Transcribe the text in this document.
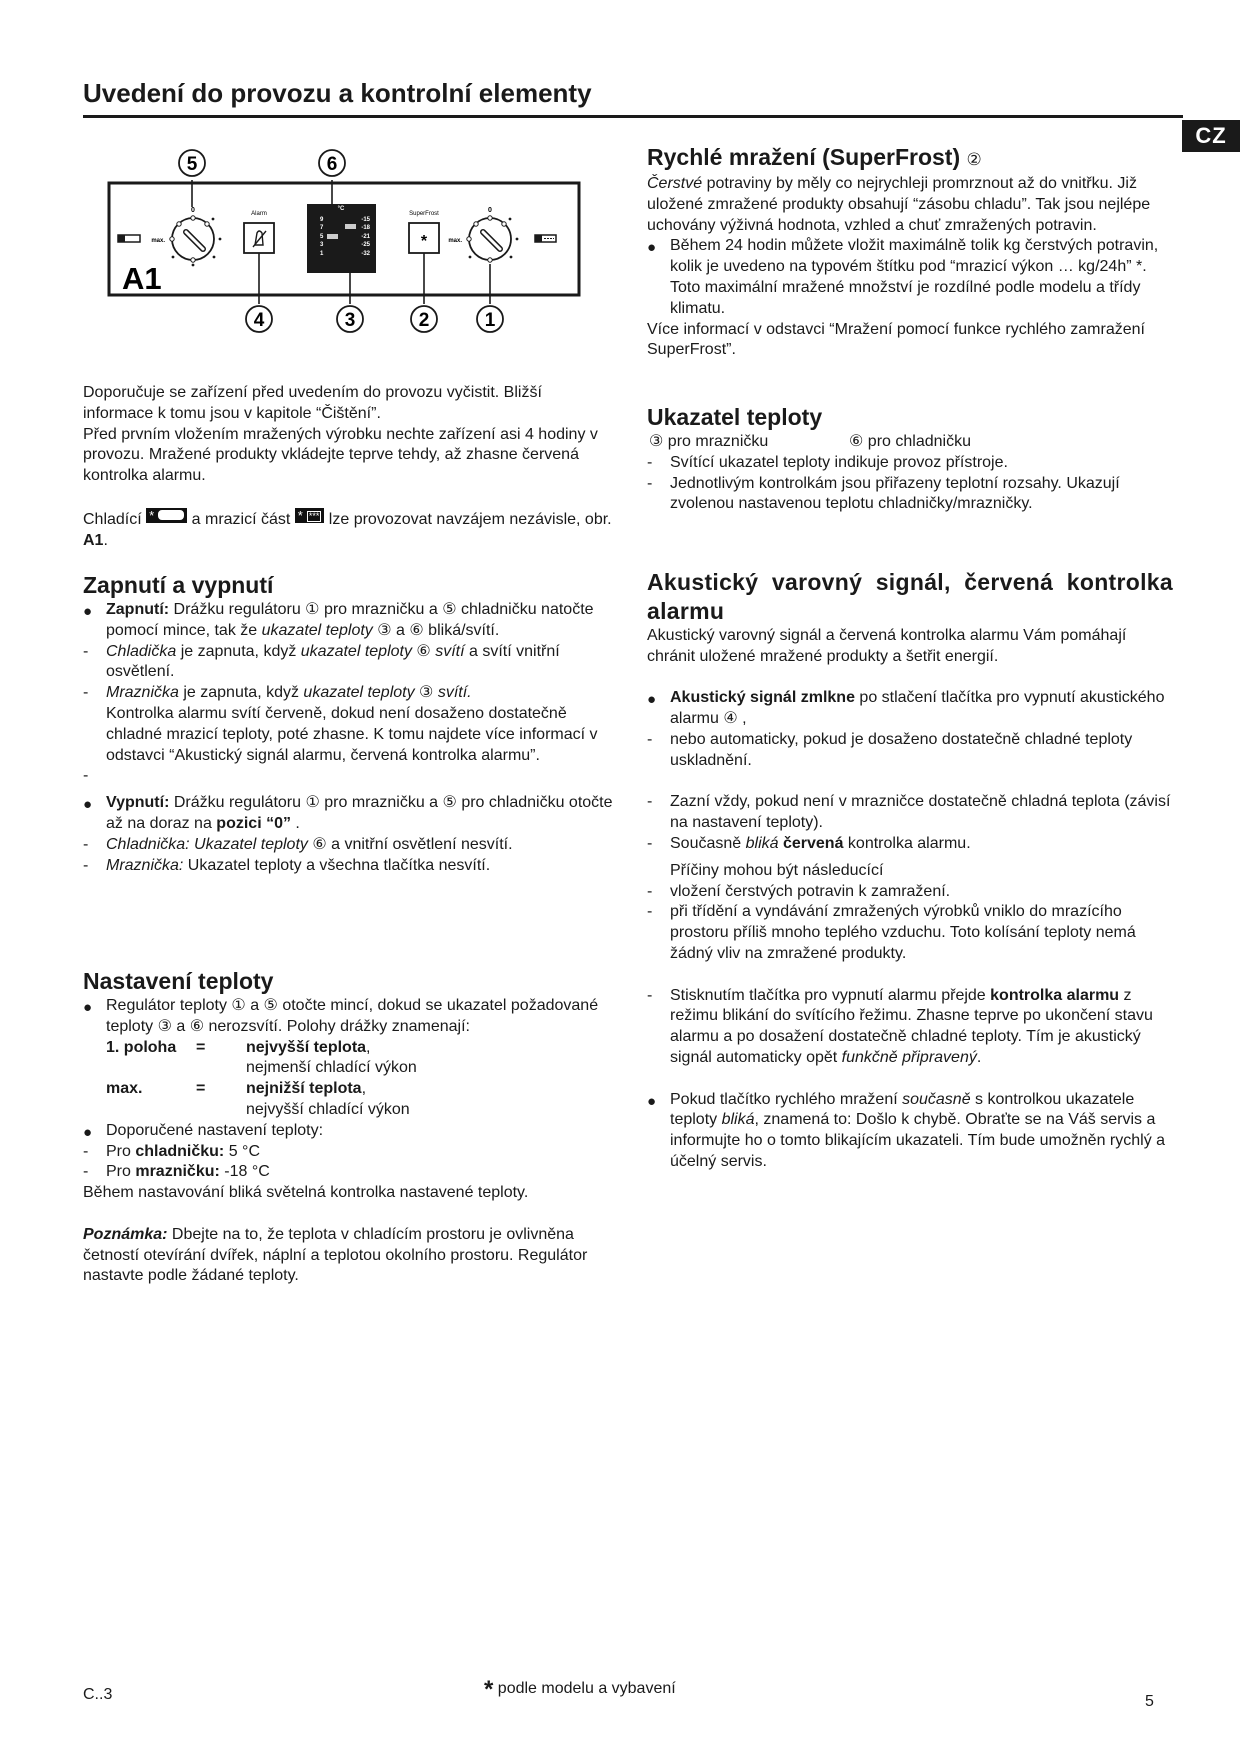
Uvedení do provozu a kontrolní elementy
CZ
5	6
4	3	2	1
0
max.
Alarm
°C
9
7
5
3
1
-15
-18
-21
-25
-32
SuperFrost
*
0
max.
A1
Doporučuje se zařízení před uvedením do provozu vyčistit. Bližší informace k tomu jsou v kapitole “Čištění”.
Před prvním vložením mražených výrobku nechte zařízení asi 4 hodiny v provozu. Mražené produkty vkládejte teprve tehdy, až zhasne červená kontrolka alarmu.
Chladící * a mrazicí část * *** lze provozovat navzájem nezávisle, obr. A1.
Zapnutí a vypnutí
● Zapnutí: Drážku regulátoru ① pro mrazničku a ⑤ chladničku natočte pomocí mince, tak že ukazatel teploty ③ a ⑥ bliká/svítí.
- Chladička je zapnuta, když ukazatel teploty ⑥ svítí a svítí vnitřní osvětlení.
- Mraznička je zapnuta, když ukazatel teploty ③ svítí.
Kontrolka alarmu svítí červeně, dokud není dosaženo dostatečně chladné mrazicí teploty, poté zhasne. K tomu najdete více informací v odstavci “Akustický signál alarmu, červená kontrolka alarmu”.
-
● Vypnutí: Drážku regulátoru ① pro mrazničku a ⑤ pro chladničku otočte až na doraz na pozici “0” .
- Chladnička: Ukazatel teploty ⑥ a vnitřní osvětlení nesvítí.
- Mraznička: Ukazatel teploty a všechna tlačítka nesvítí.
Nastavení teploty
● Regulátor teploty ① a ⑤ otočte mincí, dokud se ukazatel požadované teploty ③ a ⑥ nerozsvítí. Polohy drážky znamenají:
1. poloha	=	nejvyšší teplota,
nejmenší chladící výkon
max.	=	nejnižší teplota,
nejvyšší chladící výkon
● Doporučené nastavení teploty:
- Pro chladničku: 5 °C
- Pro mrazničku: -18 °C
Během nastavování bliká světelná kontrolka nastavené teploty.
Poznámka: Dbejte na to, že teplota v chladícím prostoru je ovlivněna četností otevírání dvířek, náplní a teplotou okolního prostoru. Regulátor nastavte podle žádané teploty.
Rychlé mražení (SuperFrost) ②
Čerstvé potraviny by měly co nejrychleji promrznout až do vnitřku. Již uložené zmražené produkty obsahují “zásobu chladu”. Tak jsou nejlépe uchovány výživná hodnota, vzhled a chuť zmražených potravin.
● Během 24 hodin můžete vložit maximálně tolik kg čerstvých potravin, kolik je uvedeno na typovém štítku pod “mrazicí výkon … kg/24h” *. Toto maximální mražené množství je rozdílné podle modelu a třídy klimatu.
Více informací v odstavci “Mražení pomocí funkce rychlého zamražení SuperFrost”.
Ukazatel teploty
③ pro mrazničku	⑥ pro chladničku
- Svítící ukazatel teploty indikuje provoz přístroje.
- Jednotlivým kontrolkám jsou přiřazeny teplotní rozsahy. Ukazují zvolenou nastavenou teplotu chladničky/mrazničky.
Akustický varovný signál, červená kontrolka alarmu
Akustický varovný signál a červená kontrolka alarmu Vám pomáhají chránit uložené mražené produkty a šetřit energií.
● Akustický signál zmlkne po stlačení tlačítka pro vypnutí akustického alarmu ④ ,
- nebo automaticky, pokud je dosaženo dostatečně chladné teploty uskladnění.
- Zazní vždy, pokud není v mrazničce dostatečně chladná teplota (závisí na nastavení teploty).
- Současně bliká červená kontrolka alarmu.
Příčiny mohou být následucící
- vložení čerstvých potravin k zamražení.
- při třídění a vyndávání zmražených výrobků vniklo do mrazícího prostoru příliš mnoho teplého vzduchu. Toto kolísání teploty nemá žádný vliv na zmražené produkty.
- Stisknutím tlačítka pro vypnutí alarmu přejde kontrolka alarmu z režimu blikání do svítícího řežimu. Zhasne teprve po ukončení stavu alarmu a po dosažení dostatečně chladné teploty. Tím je akustický signál automaticky opět funkčně připravený.
● Pokud tlačítko rychlého mražení současně s kontrolkou ukazatele teploty bliká, znamená to: Došlo k chybě. Obraťte se na Váš servis a informujte ho o tomto blikajícím ukazateli. Tím bude umožněn rychlý a účelný servis.
C..3	* podle modelu a vybavení
5
